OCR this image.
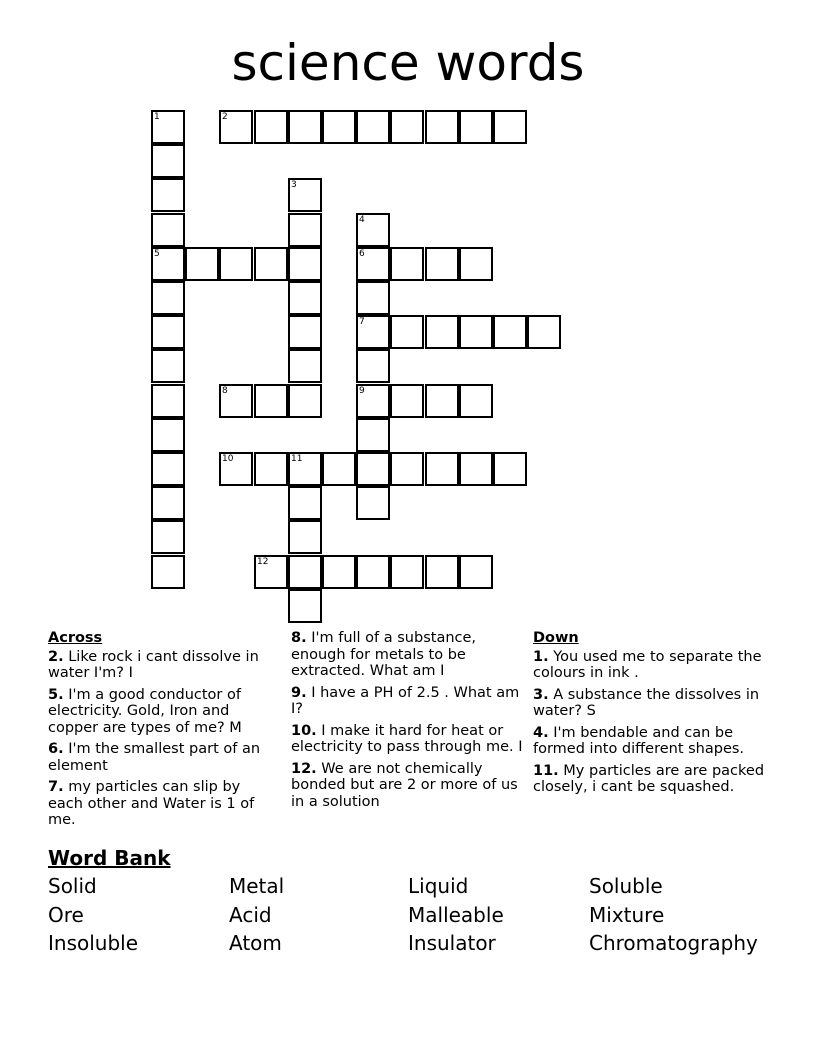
science words
1
5
2
3
4
6
7
9
8
10	11
12
Across
2. Like rock i cant dissolve in water I'm? I
5. I'm a good conductor of electricity. Gold, Iron and copper are types of me? M
6. I'm the smallest part of an element
7. my particles can slip by each other and Water is 1 of me.
8. I'm full of a substance, enough for metals to be extracted. What am I
9. I have a PH of 2.5 . What am I?
10. I make it hard for heat or electricity to pass through me. I
12. We are not chemically bonded but are 2 or more of us in a solution
Down
1. You used me to separate the colours in ink .
3. A substance the dissolves in water? S
4. I'm bendable and can be formed into different shapes.
11. My particles are are packed closely, i cant be squashed.
Word Bank
Solid	Metal	Liquid	Soluble
Ore	Acid	Malleable	Mixture
Insoluble	Atom	Insulator	Chromatography
